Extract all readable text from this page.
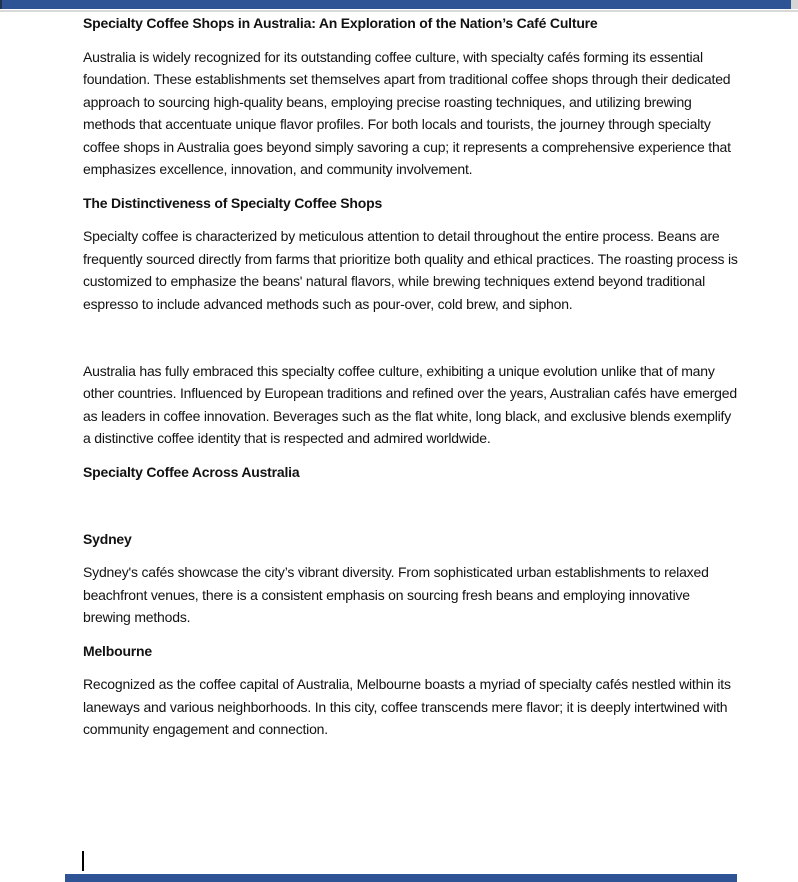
Specialty Coffee Shops in Australia: An Exploration of the Nation’s Café Culture

Australia is widely recognized for its outstanding coffee culture, with specialty cafés forming its essential foundation. These establishments set themselves apart from traditional coffee shops through their dedicated approach to sourcing high-quality beans, employing precise roasting techniques, and utilizing brewing methods that accentuate unique flavor profiles. For both locals and tourists, the journey through specialty coffee shops in Australia goes beyond simply savoring a cup; it represents a comprehensive experience that emphasizes excellence, innovation, and community involvement.

The Distinctiveness of Specialty Coffee Shops

Specialty coffee is characterized by meticulous attention to detail throughout the entire process. Beans are frequently sourced directly from farms that prioritize both quality and ethical practices. The roasting process is customized to emphasize the beans' natural flavors, while brewing techniques extend beyond traditional espresso to include advanced methods such as pour-over, cold brew, and siphon.

Australia has fully embraced this specialty coffee culture, exhibiting a unique evolution unlike that of many other countries. Influenced by European traditions and refined over the years, Australian cafés have emerged as leaders in coffee innovation. Beverages such as the flat white, long black, and exclusive blends exemplify a distinctive coffee identity that is respected and admired worldwide.

Specialty Coffee Across Australia

Sydney

Sydney's cafés showcase the city’s vibrant diversity. From sophisticated urban establishments to relaxed beachfront venues, there is a consistent emphasis on sourcing fresh beans and employing innovative brewing methods.

Melbourne

Recognized as the coffee capital of Australia, Melbourne boasts a myriad of specialty cafés nestled within its laneways and various neighborhoods. In this city, coffee transcends mere flavor; it is deeply intertwined with community engagement and connection.
